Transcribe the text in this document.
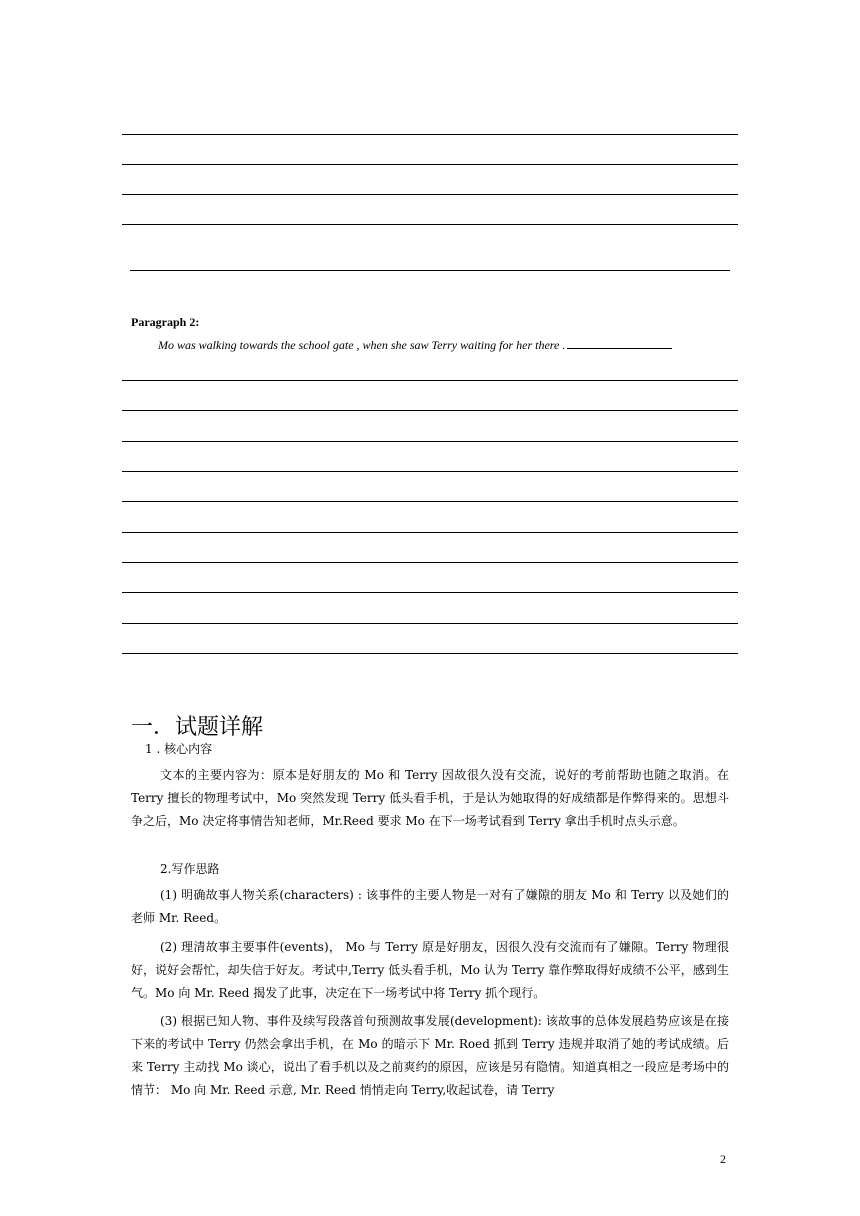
Paragraph 2:
Mo was walking towards the school gate , when she saw Terry waiting for her there .
一．试题详解
1 . 核心内容

文本的主要内容为：原本是好朋友的 Mo 和 Terry 因故很久没有交流，说好的考前帮助也随之取消。在 Terry 擅长的物理考试中，Mo 突然发现 Terry 低头看手机，于是认为她取得的好成绩都是作弊得来的。思想斗争之后，Mo 决定将事情告知老师，Mr.Reed 要求 Mo 在下一场考试看到 Terry 拿出手机时点头示意。

2.写作思路

(1) 明确故事人物关系(characters) : 该事件的主要人物是一对有了嫌隙的朋友 Mo 和 Terry 以及她们的老师 Mr. Reed。

(2) 理清故事主要事件(events)， Mo 与 Terry 原是好朋友，因很久没有交流而有了嫌隙。Terry 物理很好，说好会帮忙，却失信于好友。考试中,Terry 低头看手机，Mo 认为 Terry 靠作弊取得好成绩不公平，感到生气。Mo 向 Mr. Reed 揭发了此事，决定在下一场考试中将 Terry 抓个现行。

(3) 根据已知人物、事件及续写段落首句预测故事发展(development): 该故事的总体发展趋势应该是在接下来的考试中 Terry 仍然会拿出手机，在 Mo 的暗示下 Mr. Roed 抓到 Terry 违规并取消了她的考试成绩。后来 Terry 主动找 Mo 谈心，说出了看手机以及之前爽约的原因，应该是另有隐情。知道真相之一段应是考场中的情节： Mo 向 Mr. Reed 示意, Mr. Reed 悄悄走向 Terry,收起试卷，请 Terry

2
